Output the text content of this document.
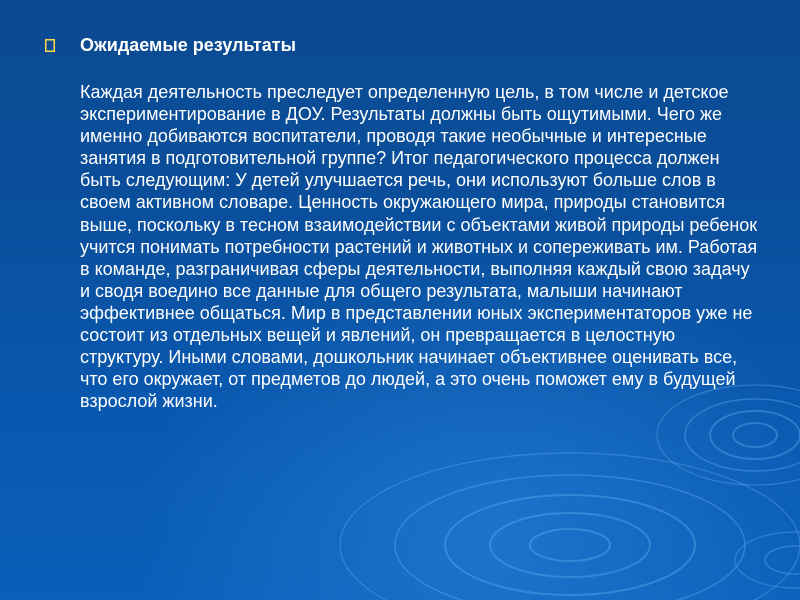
Ожидаемые результаты

Каждая деятельность преследует определенную цель, в том числе и детское экспериментирование в ДОУ. Результаты должны быть ощутимыми. Чего же именно добиваются воспитатели, проводя такие необычные и интересные занятия в подготовительной группе? Итог педагогического процесса должен быть следующим: У детей улучшается речь, они используют больше слов в своем активном словаре. Ценность окружающего мира, природы становится выше, поскольку в тесном взаимодействии с объектами живой природы ребенок учится понимать потребности растений и животных и сопереживать им. Работая в команде, разграничивая сферы деятельности, выполняя каждый свою задачу и сводя воедино все данные для общего результата, малыши начинают эффективнее общаться. Мир в представлении юных экспериментаторов уже не состоит из отдельных вещей и явлений, он превращается в целостную структуру. Иными словами, дошкольник начинает объективнее оценивать все, что его окружает, от предметов до людей, а это очень поможет ему в будущей взрослой жизни.
